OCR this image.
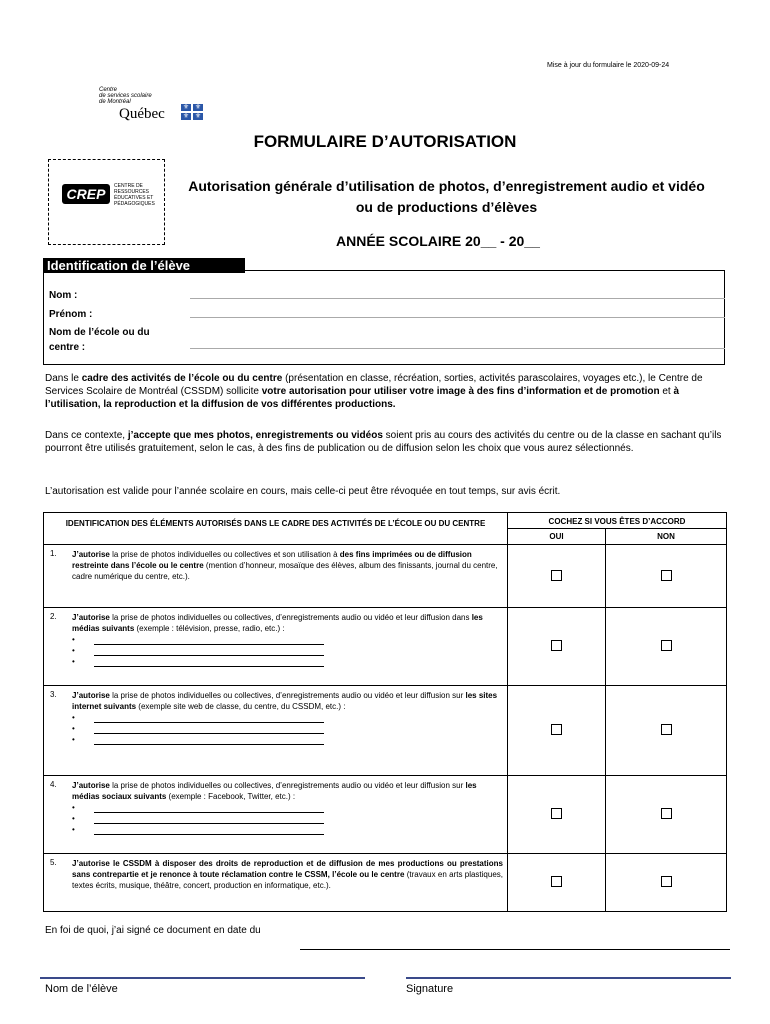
Mise à jour du formulaire le 2020-09-24
Centre
de services scolaire
de Montréal
Québec	⚜ ⚜
⚜ ⚜
FORMULAIRE D’AUTORISATION
CREP	CENTRE DE RESSOURCES ÉDUCATIVES ET PÉDAGOGIQUES
Autorisation générale d’utilisation de photos, d’enregistrement audio et vidéo
ou de productions d’élèves
ANNÉE SCOLAIRE 20__ - 20__
Identification de l’élève
Nom :
Prénom :
Nom de l’école ou du
centre :
Dans le cadre des activités de l’école ou du centre (présentation en classe, récréation, sorties, activités parascolaires, voyages etc.), le Centre de Services Scolaire de Montréal (CSSDM) sollicite votre autorisation pour utiliser votre image à des fins d’information et de promotion et à l’utilisation, la reproduction et la diffusion de vos différentes productions.
Dans ce contexte, j’accepte que mes photos, enregistrements ou vidéos soient pris au cours des activités du centre ou de la classe en sachant qu’ils pourront être utilisés gratuitement, selon le cas, à des fins de publication ou de diffusion selon les choix que vous aurez sélectionnés.
L’autorisation est valide pour l’année scolaire en cours, mais celle-ci peut être révoquée en tout temps, sur avis écrit.
IDENTIFICATION DES ÉLÉMENTS AUTORISÉS DANS LE CADRE DES ACTIVITÉS DE L’ÉCOLE OU DU CENTRE		COCHEZ SI VOUS ÊTES D’ACCORD	
		OUI	NON
1.	J’autorise la prise de photos individuelles ou collectives et son utilisation à des fins imprimées ou de diffusion restreinte dans l’école ou le centre (mention d’honneur, mosaïque des élèves, album des finissants, journal du centre, cadre numérique du centre, etc.).		
2.	J’autorise la prise de photos individuelles ou collectives, d’enregistrements audio ou vidéo et leur diffusion dans les médias suivants (exemple : télévision, presse, radio, etc.) :
•
•
•		

3.	J’autorise la prise de photos individuelles ou collectives, d’enregistrements audio ou vidéo et leur diffusion sur les sites internet suivants (exemple site web de classe, du centre, du CSSDM, etc.) :
•
•
•		

4.	J’autorise la prise de photos individuelles ou collectives, d’enregistrements audio ou vidéo et leur diffusion sur les médias sociaux suivants (exemple : Facebook, Twitter, etc.) :
•
•
•		

5.	J’autorise le CSSDM à disposer des droits de reproduction et de diffusion de mes productions ou prestations sans contrepartie et je renonce à toute réclamation contre le CSSM, l’école ou le centre (travaux en arts plastiques, textes écrits, musique, théâtre, concert, production en informatique, etc.).		
En foi de quoi, j’ai signé ce document en date du
Nom de l’élève	Signature
